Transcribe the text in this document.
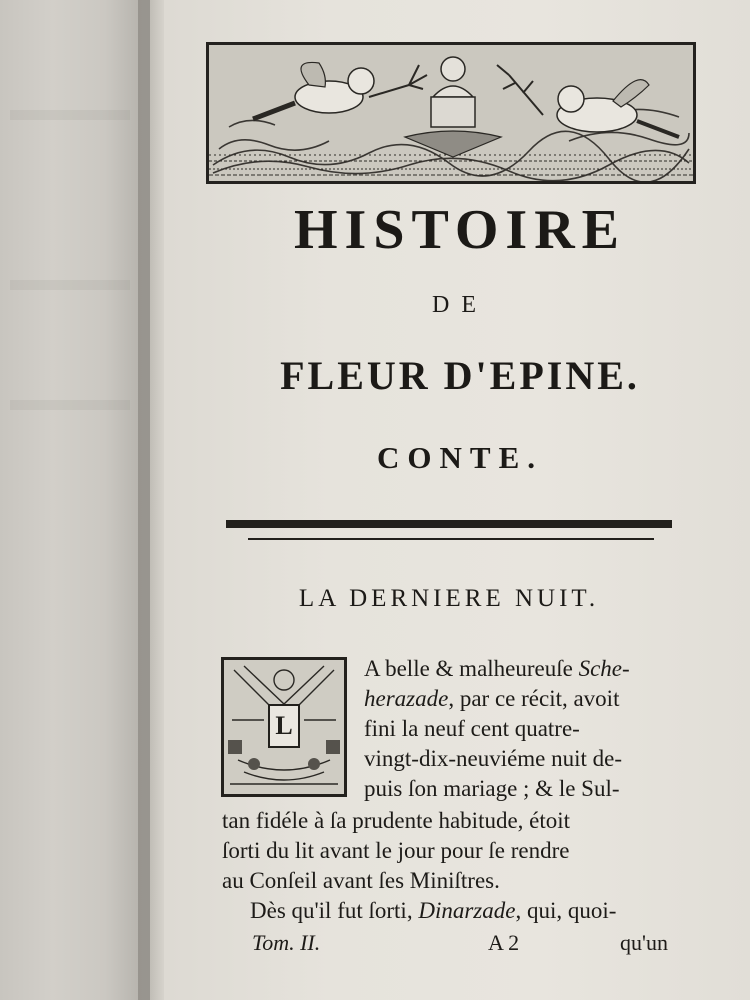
HISTOIRE
DE
FLEUR D'EPINE.
CONTE.
LA DERNIERE NUIT.
L

A belle & malheureuſe Sche-

herazade, par ce récit, avoit

fini la neuf cent quatre-

vingt-dix-neuviéme nuit de-

puis ſon mariage ; & le Sul-

tan fidéle à ſa prudente habitude, étoit

ſorti du lit avant le jour pour ſe rendre

au Conſeil avant ſes Miniſtres.

Dès qu'il fut ſorti, Dinarzade, qui, quoi-

Tom. II.	A 2	qu'un
